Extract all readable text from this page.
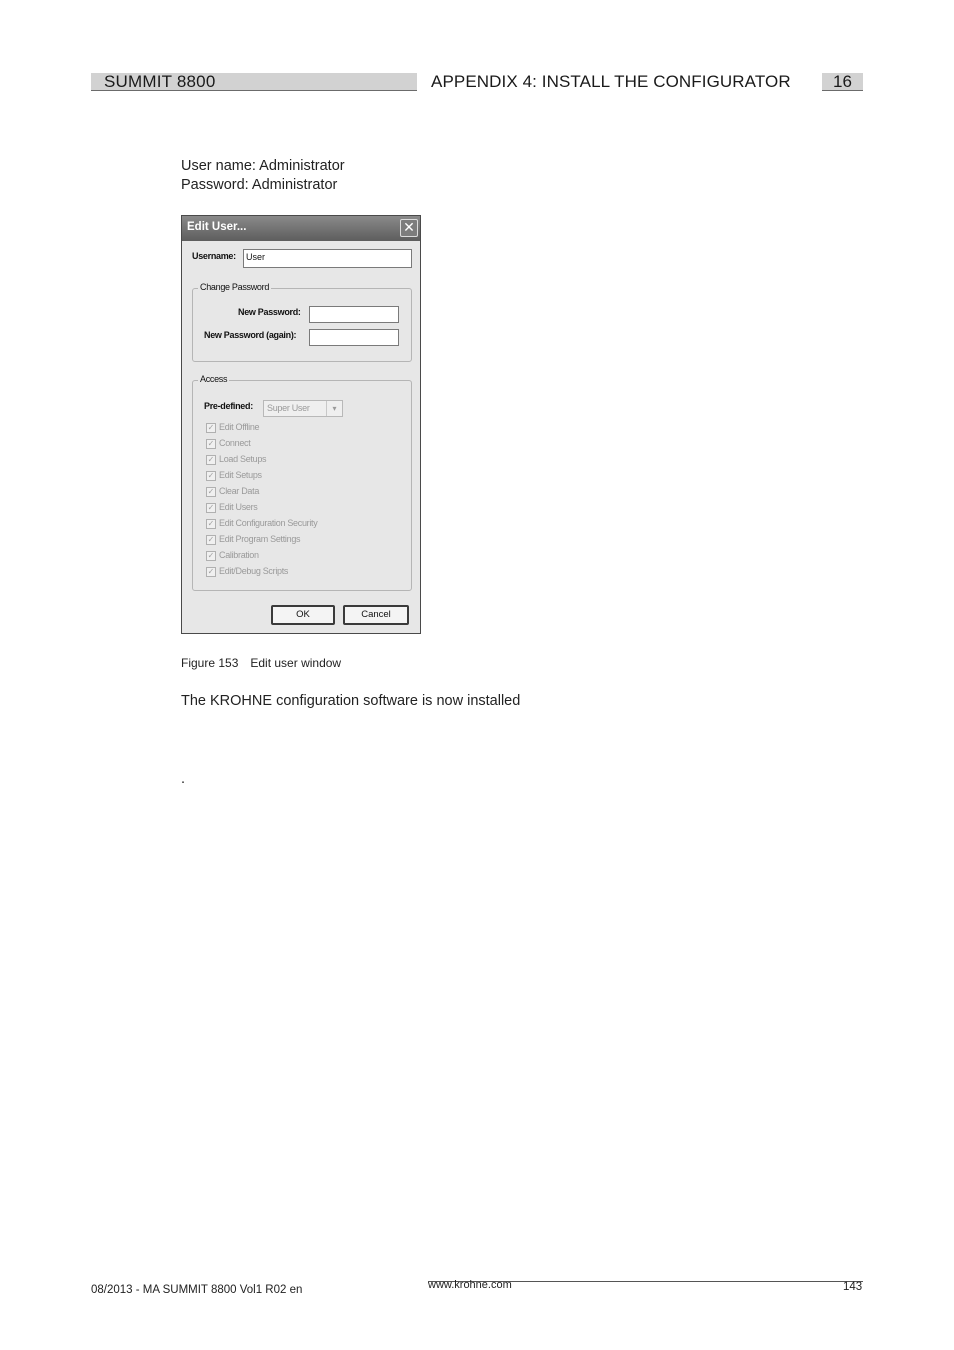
SUMMIT 8800	APPENDIX 4: INSTALL THE CONFIGURATOR	16
User name: Administrator
Password: Administrator
Edit User...	✕
Username:	User
Change Password
New Password:
New Password (again):
Access
Pre-defined: Super User	▾
✓ Edit Offline
✓ Connect
✓ Load Setups
✓ Edit Setups
✓ Clear Data
✓ Edit Users
✓ Edit Configuration Security
✓ Edit Program Settings
✓ Calibration
✓ Edit/Debug Scripts
OK	Cancel
Figure 153 Edit user window
The KROHNE configuration software is now installed
.
08/2013 - MA SUMMIT 8800 Vol1 R02 en	www.krohne.com	143
